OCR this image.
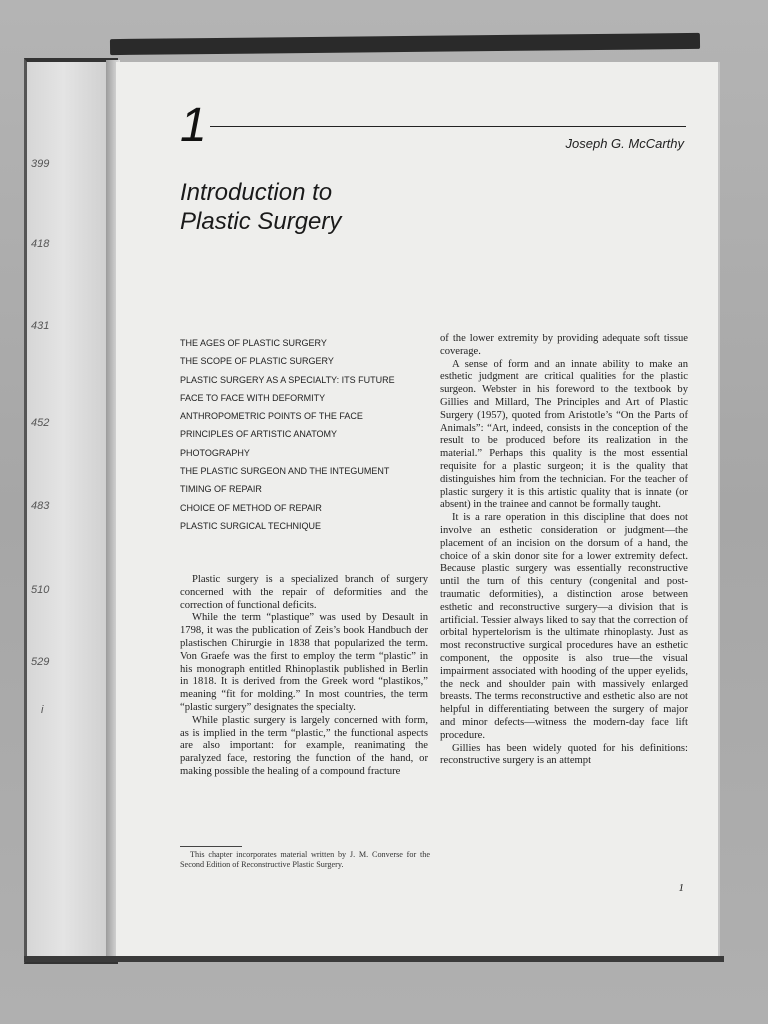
399
418
431
452
483
510
529
i
1	Joseph G. McCarthy
Introduction to
Plastic Surgery
THE AGES OF PLASTIC SURGERY
THE SCOPE OF PLASTIC SURGERY
PLASTIC SURGERY AS A SPECIALTY: ITS FUTURE
FACE TO FACE WITH DEFORMITY
ANTHROPOMETRIC POINTS OF THE FACE
PRINCIPLES OF ARTISTIC ANATOMY
PHOTOGRAPHY
THE PLASTIC SURGEON AND THE INTEGUMENT
TIMING OF REPAIR
CHOICE OF METHOD OF REPAIR
PLASTIC SURGICAL TECHNIQUE

Plastic surgery is a specialized branch of surgery concerned with the repair of deformities and the correction of functional deficits.

While the term “plastique” was used by Desault in 1798, it was the publication of Zeis’s book Handbuch der plastischen Chirurgie in 1838 that popularized the term. Von Graefe was the first to employ the term “plastic” in his monograph entitled Rhinoplastik published in Berlin in 1818. It is derived from the Greek word “plastikos,” meaning “fit for molding.” In most countries, the term “plastic surgery” designates the specialty.

While plastic surgery is largely concerned with form, as is implied in the term “plastic,” the functional aspects are also important: for example, reanimating the paralyzed face, restoring the function of the hand, or making possible the healing of a compound fracture

This chapter incorporates material written by J. M. Converse for the Second Edition of Reconstructive Plastic Surgery.

of the lower extremity by providing adequate soft tissue coverage.

A sense of form and an innate ability to make an esthetic judgment are critical qualities for the plastic surgeon. Webster in his foreword to the textbook by Gillies and Millard, The Principles and Art of Plastic Surgery (1957), quoted from Aristotle’s “On the Parts of Animals”: “Art, indeed, consists in the conception of the result to be produced before its realization in the material.” Perhaps this quality is the most essential requisite for a plastic surgeon; it is the quality that distinguishes him from the technician. For the teacher of plastic surgery it is this artistic quality that is innate (or absent) in the trainee and cannot be formally taught.

It is a rare operation in this discipline that does not involve an esthetic consideration or judgment—the placement of an incision on the dorsum of a hand, the choice of a skin donor site for a lower extremity defect. Because plastic surgery was essentially reconstructive until the turn of this century (congenital and post-traumatic deformities), a distinction arose between esthetic and reconstructive surgery—a division that is artificial. Tessier always liked to say that the correction of orbital hypertelorism is the ultimate rhinoplasty. Just as most reconstructive surgical procedures have an esthetic component, the opposite is also true—the visual impairment associated with hooding of the upper eyelids, the neck and shoulder pain with massively enlarged breasts. The terms reconstructive and esthetic also are not helpful in differentiating between the surgery of major and minor defects—witness the modern-day face lift procedure.

Gillies has been widely quoted for his definitions: reconstructive surgery is an attempt

1
